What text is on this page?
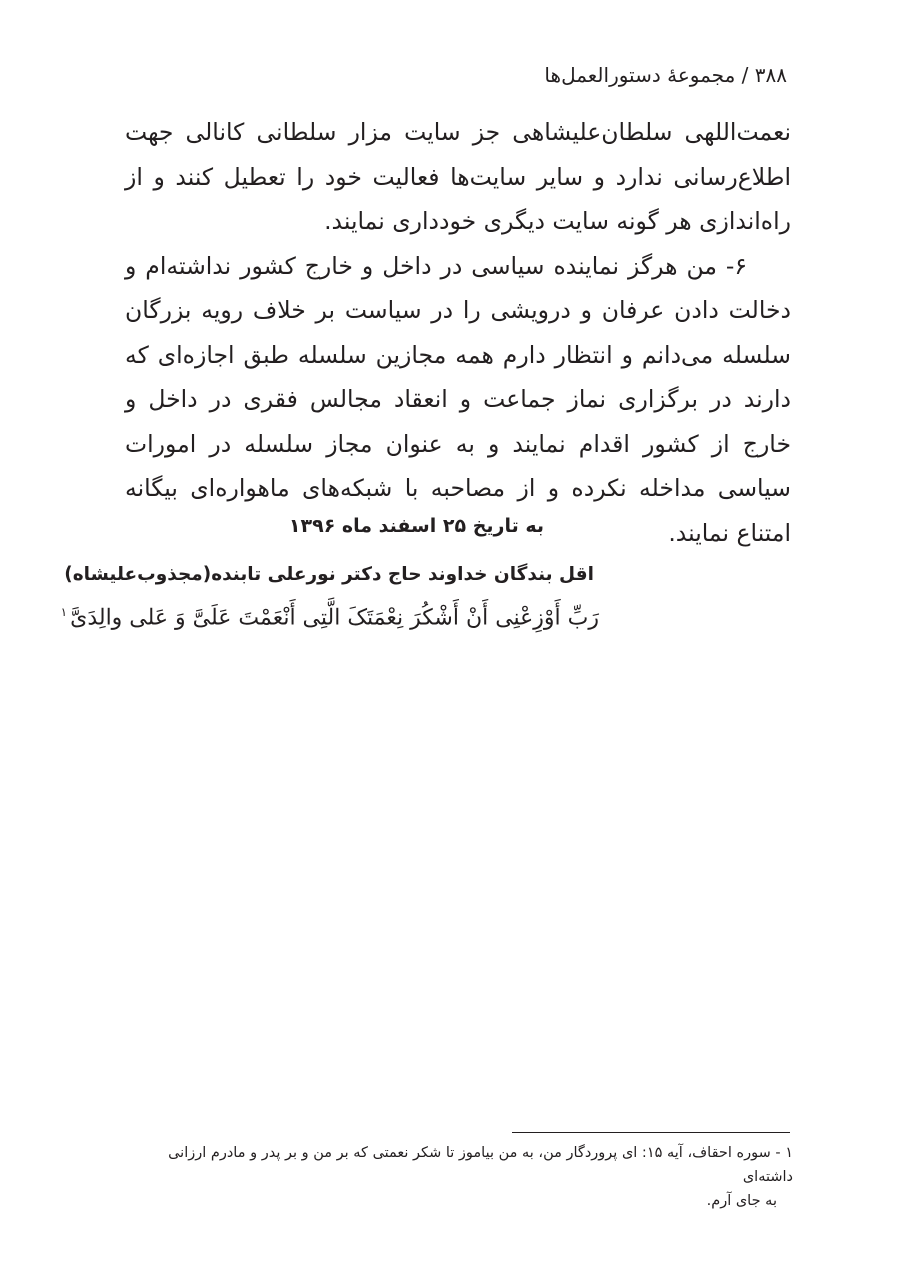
۳۸۸ / مجموعهٔ دستورالعمل‌ها

نعمت‌اللهی سلطان‌علیشاهی جز سایت مزار سلطانی کانالی جهت اطلاع‌رسانی ندارد و سایر سایت‌ها فعالیت خود را تعطیل کنند و از راه‌اندازی هر گونه سایت دیگری خودداری نمایند.

۶- من هرگز نماینده سیاسی در داخل و خارج کشور نداشته‌ام و دخالت دادن عرفان و درویشی را در سیاست بر خلاف رویه بزرگان سلسله می‌دانم و انتظار دارم همه مجازین سلسله طبق اجازه‌ای که دارند در برگزاری نماز جماعت و انعقاد مجالس فقری در داخل و خارج از کشور اقدام نمایند و به عنوان مجاز سلسله در امورات سیاسی مداخله نکرده و از مصاحبه با شبکه‌های ماهواره‌ای بیگانه امتناع نمایند.

به تاریخ ۲۵ اسفند ماه ۱۳۹۶
اقل بندگان خداوند حاج دکتر نورعلی تابنده(مجذوب‌علیشاه)
رَبِّ أَوْزِعْنِی أَنْ أَشْکُرَ نِعْمَتَکَ الَّتِی أَنْعَمْتَ عَلَیَّ وَ عَلی والِدَیَّ$^۱$
۱ - سوره احقاف، آیه ۱۵: ای پروردگار من، به من بیاموز تا شکر نعمتی که بر من و بر پدر و مادرم ارزانی داشته‌ای
به جای آرم.
